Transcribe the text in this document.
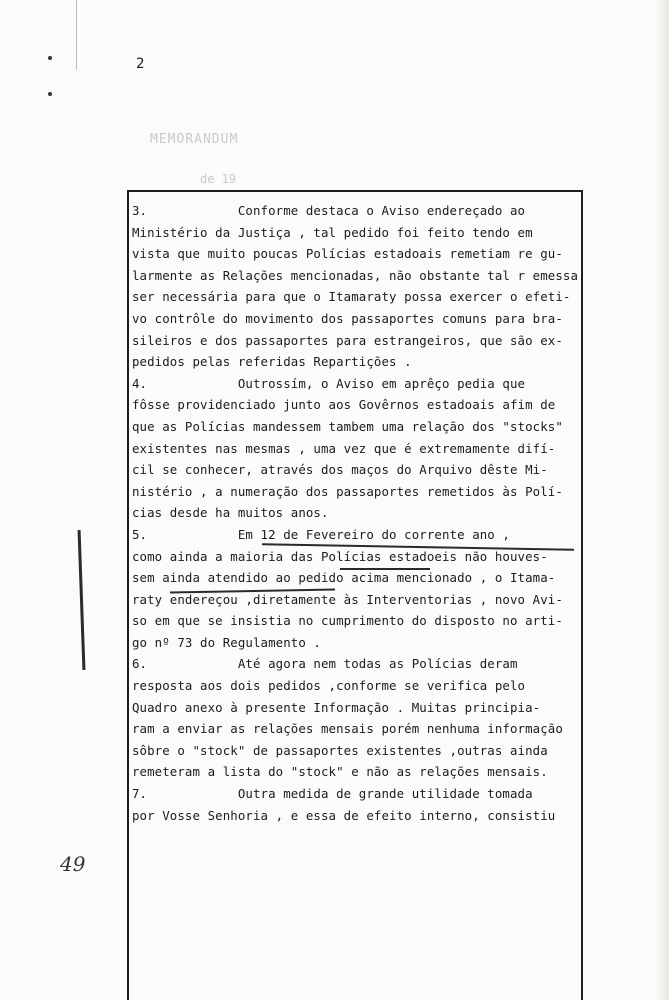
2
MEMORANDUM
de 19
49
3.            Conforme destaca o Aviso endereçado ao
Ministério da Justiça , tal pedido foi feito tendo em
vista que muito poucas Polícias estadoais remetiam re gu-
larmente as Relações mencionadas, não obstante tal r emessa
ser necessária para que o Itamaraty possa exercer o efeti-
vo contrôle do movimento dos passaportes comuns para bra-
sileiros e dos passaportes para estrangeiros, que são ex-
pedidos pelas referidas Repartições .
4.            Outrossím, o Aviso em aprêço pedia que
fôsse providenciado junto aos Govêrnos estadoais afim de
que as Polícias mandessem tambem uma relação dos "stocks"
existentes nas mesmas , uma vez que é extremamente difí-
cil se conhecer, através dos maços do Arquivo dêste Mi-
nistério , a numeração dos passaportes remetidos às Polí-
cias desde ha muitos anos.
5.            Em 12 de Fevereiro do corrente ano ,
como ainda a maioria das Polícias estadoeis não houves-
sem ainda atendido ao pedido acima mencionado , o Itama-
raty endereçou ,diretamente às Interventorias , novo Avi-
so em que se insistia no cumprimento do disposto no arti-
go nº 73 do Regulamento .
6.            Até agora nem todas as Polícias deram
resposta aos dois pedidos ,conforme se verifica pelo
Quadro anexo à presente Informação . Muitas principia-
ram a enviar as relações mensais porém nenhuma informação
sôbre o "stock" de passaportes existentes ,outras ainda
remeteram a lista do "stock" e não as relações mensais.
7.            Outra medida de grande utilidade tomada
por Vosse Senhoria , e essa de efeito interno, consistiu
